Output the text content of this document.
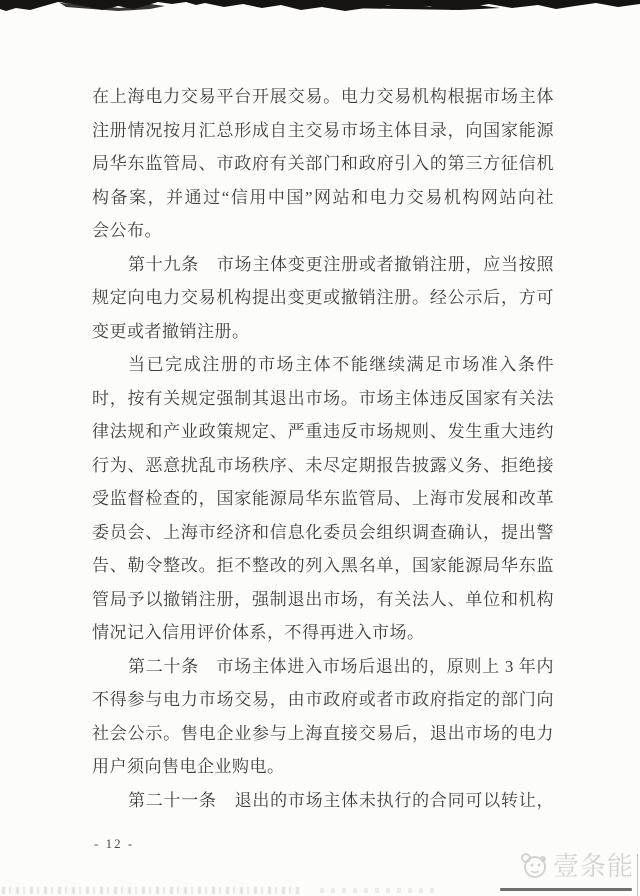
在上海电力交易平台开展交易。电力交易机构根据市场主体
注册情况按月汇总形成自主交易市场主体目录，向国家能源
局华东监管局、市政府有关部门和政府引入的第三方征信机
构备案，并通过“信用中国”网站和电力交易机构网站向社
会公布。
第十九条　市场主体变更注册或者撤销注册，应当按照
规定向电力交易机构提出变更或撤销注册。经公示后，方可
变更或者撤销注册。
当已完成注册的市场主体不能继续满足市场准入条件
时，按有关规定强制其退出市场。市场主体违反国家有关法
律法规和产业政策规定、严重违反市场规则、发生重大违约
行为、恶意扰乱市场秩序、未尽定期报告披露义务、拒绝接
受监督检查的，国家能源局华东监管局、上海市发展和改革
委员会、上海市经济和信息化委员会组织调查确认，提出警
告、勒令整改。拒不整改的列入黑名单，国家能源局华东监
管局予以撤销注册，强制退出市场，有关法人、单位和机构
情况记入信用评价体系，不得再进入市场。
第二十条　市场主体进入市场后退出的，原则上 3 年内
不得参与电力市场交易，由市政府或者市政府指定的部门向
社会公示。售电企业参与上海直接交易后，退出市场的电力
用户须向售电企业购电。
第二十一条　退出的市场主体未执行的合同可以转让，
- 12 -
壹条能
